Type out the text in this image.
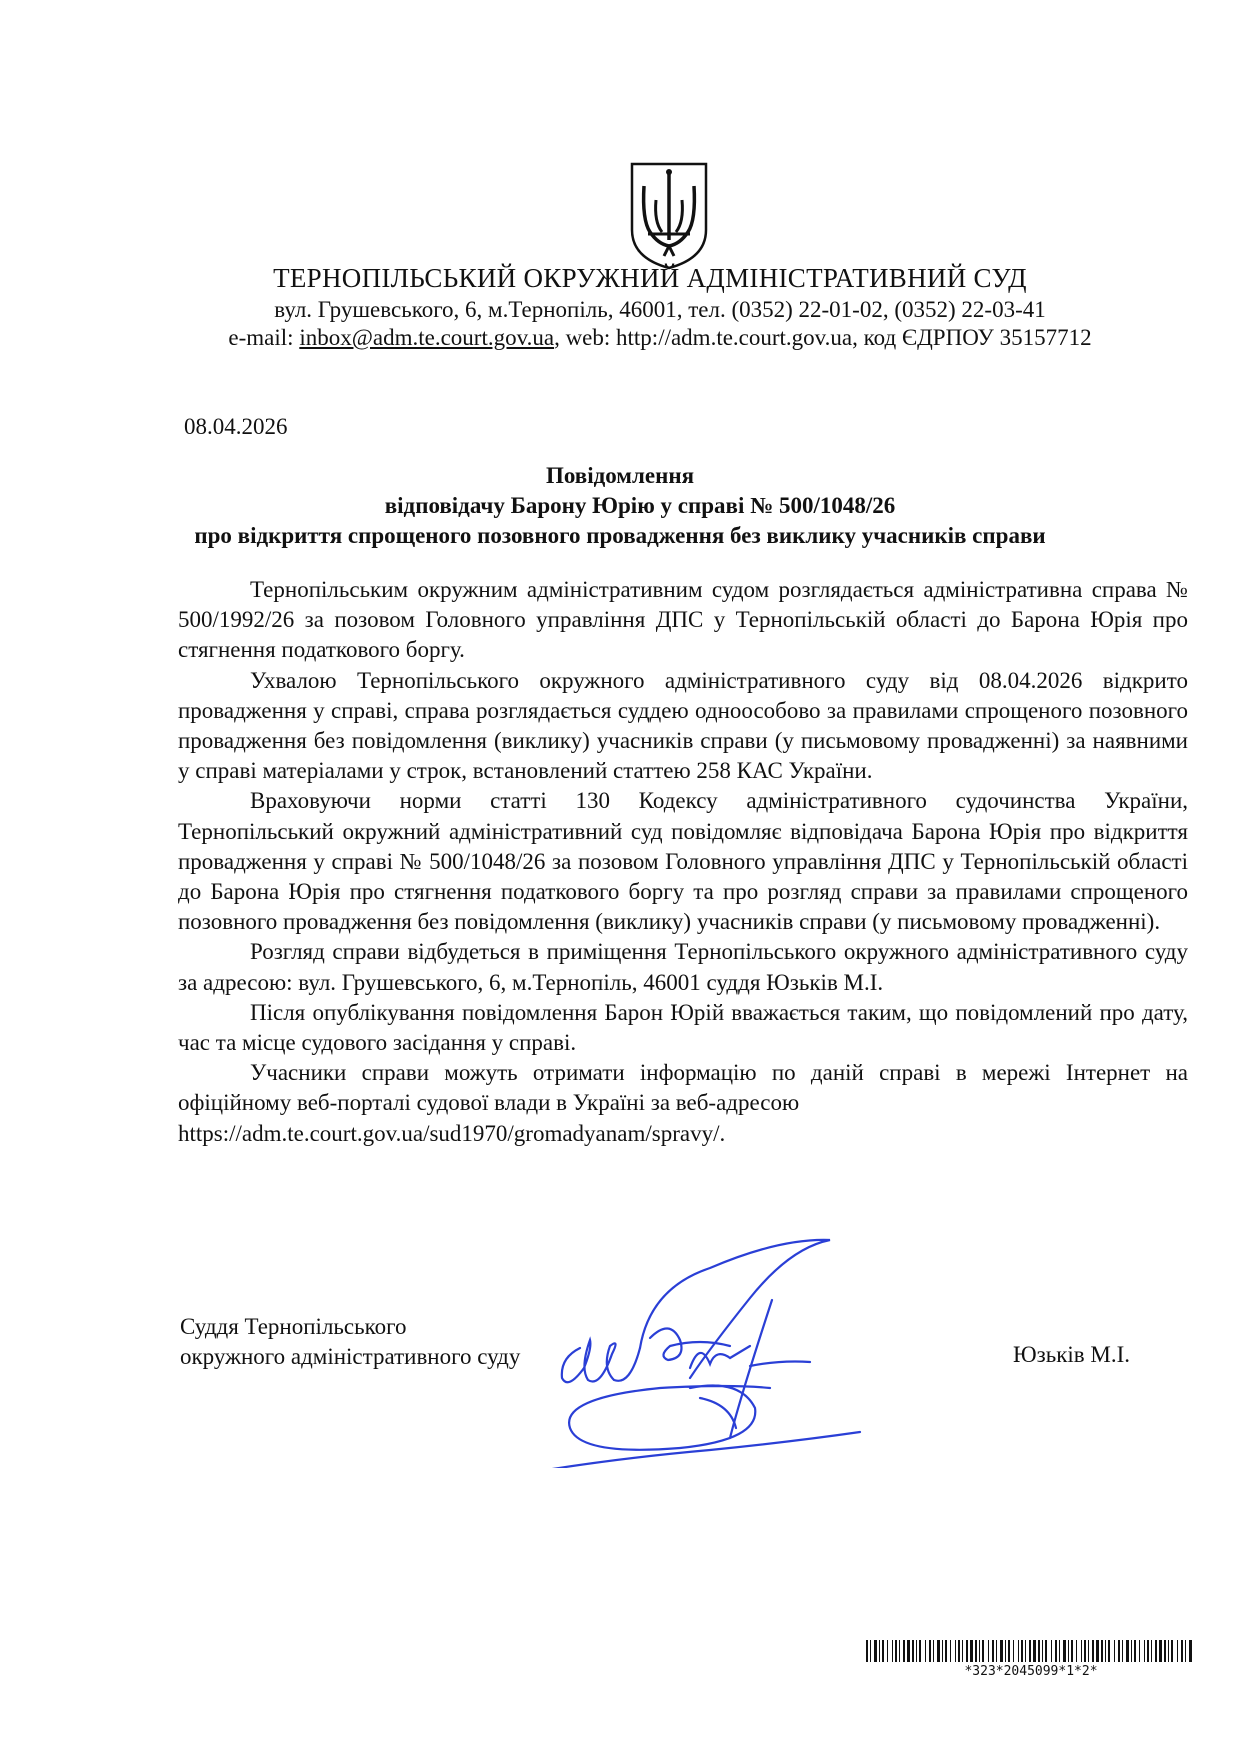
ТЕРНОПІЛЬСЬКИЙ ОКРУЖНИЙ АДМІНІСТРАТИВНИЙ СУД
вул. Грушевського, 6, м.Тернопіль, 46001, тел. (0352) 22-01-02, (0352) 22-03-41
e-mail: inbox@adm.te.court.gov.ua, web: http://adm.te.court.gov.ua, код ЄДРПОУ 35157712
08.04.2026
Повідомлення
відповідачу Барону Юрію у справі № 500/1048/26
про відкриття спрощеного позовного провадження без виклику учасників справи

Тернопільським окружним адміністративним судом розглядається адміністративна справа № 500/1992/26 за позовом Головного управління ДПС у Тернопільській області до Барона Юрія про стягнення податкового боргу.

Ухвалою Тернопільського окружного адміністративного суду від 08.04.2026 відкрито провадження у справі, справа розглядається суддею одноособово за правилами спрощеного позовного провадження без повідомлення (виклику) учасників справи (у письмовому провадженні) за наявними у справі матеріалами у строк, встановлений статтею 258 КАС України.

Враховуючи норми статті 130 Кодексу адміністративного судочинства України, Тернопільський окружний адміністративний суд повідомляє відповідача Барона Юрія про відкриття провадження у справі № 500/1048/26 за позовом Головного управління ДПС у Тернопільській області до Барона Юрія про стягнення податкового боргу та про розгляд справи за правилами спрощеного позовного провадження без повідомлення (виклику) учасників справи (у письмовому провадженні).

Розгляд справи відбудеться в приміщення Тернопільського окружного адміністративного суду за адресою: вул. Грушевського, 6, м.Тернопіль, 46001 суддя Юзьків М.І.

Після опублікування повідомлення Барон Юрій вважається таким, що повідомлений про дату, час та місце судового засідання у справі.

Учасники справи можуть отримати інформацію по даній справі в мережі Інтернет на офіційному веб-порталі судової влади в Україні за веб-адресою

https://adm.te.court.gov.ua/sud1970/gromadyanam/spravy/.

Суддя Тернопільського
окружного адміністративного суду	Юзьків М.І.
*323*2045099*1*2*
